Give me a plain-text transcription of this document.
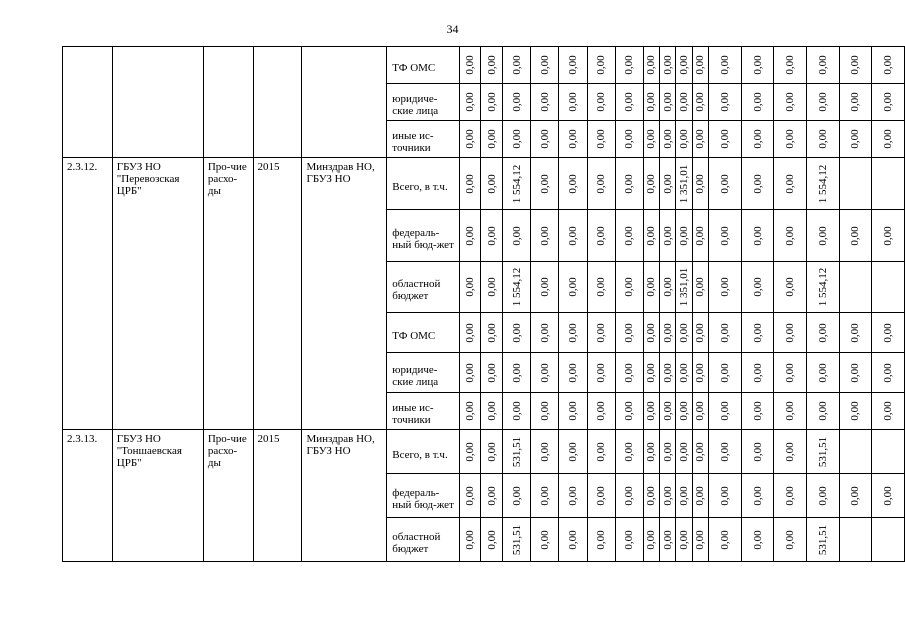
34
					ТФ ОМС	0,00	0,00	0,00	0,00	0,00	0,00	0,00	0,00	0,00	0,00	0,00	0,00	0,00	0,00	0,00	0,00	0,00

					юридиче-ские лица	0,00	0,00	0,00	0,00	0,00	0,00	0,00	0,00	0,00	0,00	0,00	0,00	0,00	0,00	0,00	0,00	0,00

					иные ис-точники	0,00	0,00	0,00	0,00	0,00	0,00	0,00	0,00	0,00	0,00	0,00	0,00	0,00	0,00	0,00	0,00	0,00

2.3.12.	ГБУЗ НО "Перевозская ЦРБ"	Про-чие расхо-ды	2015	Минздрав НО, ГБУЗ НО	Всего, в т.ч.	0,00	0,00	1 554,12	0,00	0,00	0,00	0,00	0,00	0,00	1 351,01	0,00	0,00	0,00	0,00	1 554,12		

					федераль-ный бюд-жет	0,00	0,00	0,00	0,00	0,00	0,00	0,00	0,00	0,00	0,00	0,00	0,00	0,00	0,00	0,00	0,00	0,00

					областной бюджет	0,00	0,00	1 554,12	0,00	0,00	0,00	0,00	0,00	0,00	1 351,01	0,00	0,00	0,00	0,00	1 554,12		

					ТФ ОМС	0,00	0,00	0,00	0,00	0,00	0,00	0,00	0,00	0,00	0,00	0,00	0,00	0,00	0,00	0,00	0,00	0,00

					юридиче-ские лица	0,00	0,00	0,00	0,00	0,00	0,00	0,00	0,00	0,00	0,00	0,00	0,00	0,00	0,00	0,00	0,00	0,00

					иные ис-точники	0,00	0,00	0,00	0,00	0,00	0,00	0,00	0,00	0,00	0,00	0,00	0,00	0,00	0,00	0,00	0,00	0,00

2.3.13.	ГБУЗ НО "Тоншаевская ЦРБ"	Про-чие расхо-ды	2015	Минздрав НО, ГБУЗ НО	Всего, в т.ч.	0,00	0,00	531,51	0,00	0,00	0,00	0,00	0,00	0,00	0,00	0,00	0,00	0,00	0,00	531,51		

					федераль-ный бюд-жет	0,00	0,00	0,00	0,00	0,00	0,00	0,00	0,00	0,00	0,00	0,00	0,00	0,00	0,00	0,00	0,00	0,00

					областной бюджет	0,00	0,00	531,51	0,00	0,00	0,00	0,00	0,00	0,00	0,00	0,00	0,00	0,00	0,00	531,51		
